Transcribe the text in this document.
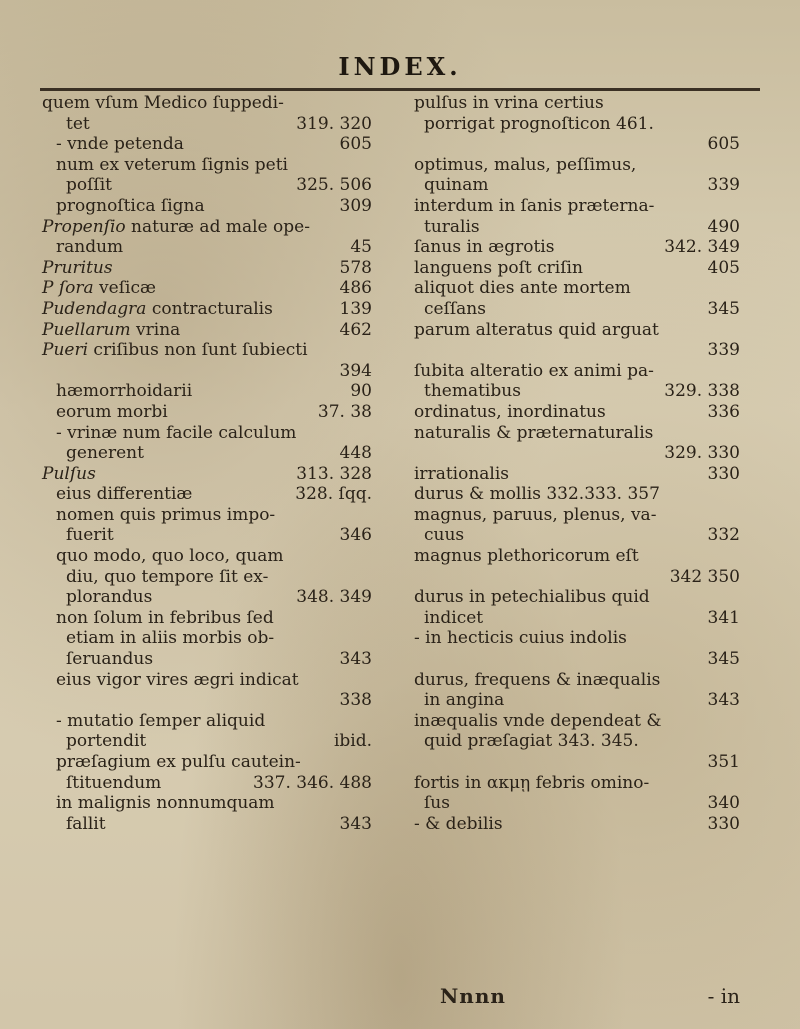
INDEX.
quem vſum Medico ſuppedi-
tet	319. 320
- vnde petenda	605
num ex veterum ſignis peti
poſſit	325. 506
prognoſtica ſigna	309
Propenſio naturæ ad male ope-
randum	45
Pruritus	578
P ſora veſicæ	486
Pudendagra contracturalis	139
Puellarum vrina	462
Pueri criſibus non ſunt ſubiecti
394
hæmorrhoidarii	90
eorum morbi	37. 38
- vrinæ num facile calculum
generent	448
Pulſus	313. 328
eius differentiæ	328. ſqq.
nomen quis primus impo-
fuerit	346
quo modo, quo loco, quam
diu, quo tempore ſit ex-
plorandus	348. 349
non ſolum in febribus ſed
etiam in aliis morbis ob-
ſeruandus	343
eius vigor vires ægri indicat
338
- mutatio ſemper aliquid
portendit	ibid.
præſagium ex pulſu cautein-
ſtituendum	337. 346. 488
in malignis nonnumquam
fallit	343
pulſus in vrina certius
porrigat prognoſticon 461.
605
optimus, malus, peſſimus,
quinam	339
interdum in ſanis præterna-
turalis	490
ſanus in ægrotis	342. 349
languens poſt criſin	405
aliquot dies ante mortem
ceſſans	345
parum alteratus quid arguat
339
ſubita alteratio ex animi pa-
thematibus	329. 338
ordinatus, inordinatus	336
naturalis & præternaturalis
329. 330
irrationalis	330
durus & mollis 332.333. 357
magnus, paruus, plenus, va-
cuus	332
magnus plethoricorum eſt
342 350
durus in petechialibus quid
indicet	341
- in hecticis cuius indolis
345
durus, frequens & inæqualis
in angina	343
inæqualis vnde dependeat &
quid præſagiat 343. 345.
351
fortis in ακμῃ febris omino-
ſus	340
- & debilis	330
Nnnn	- in
